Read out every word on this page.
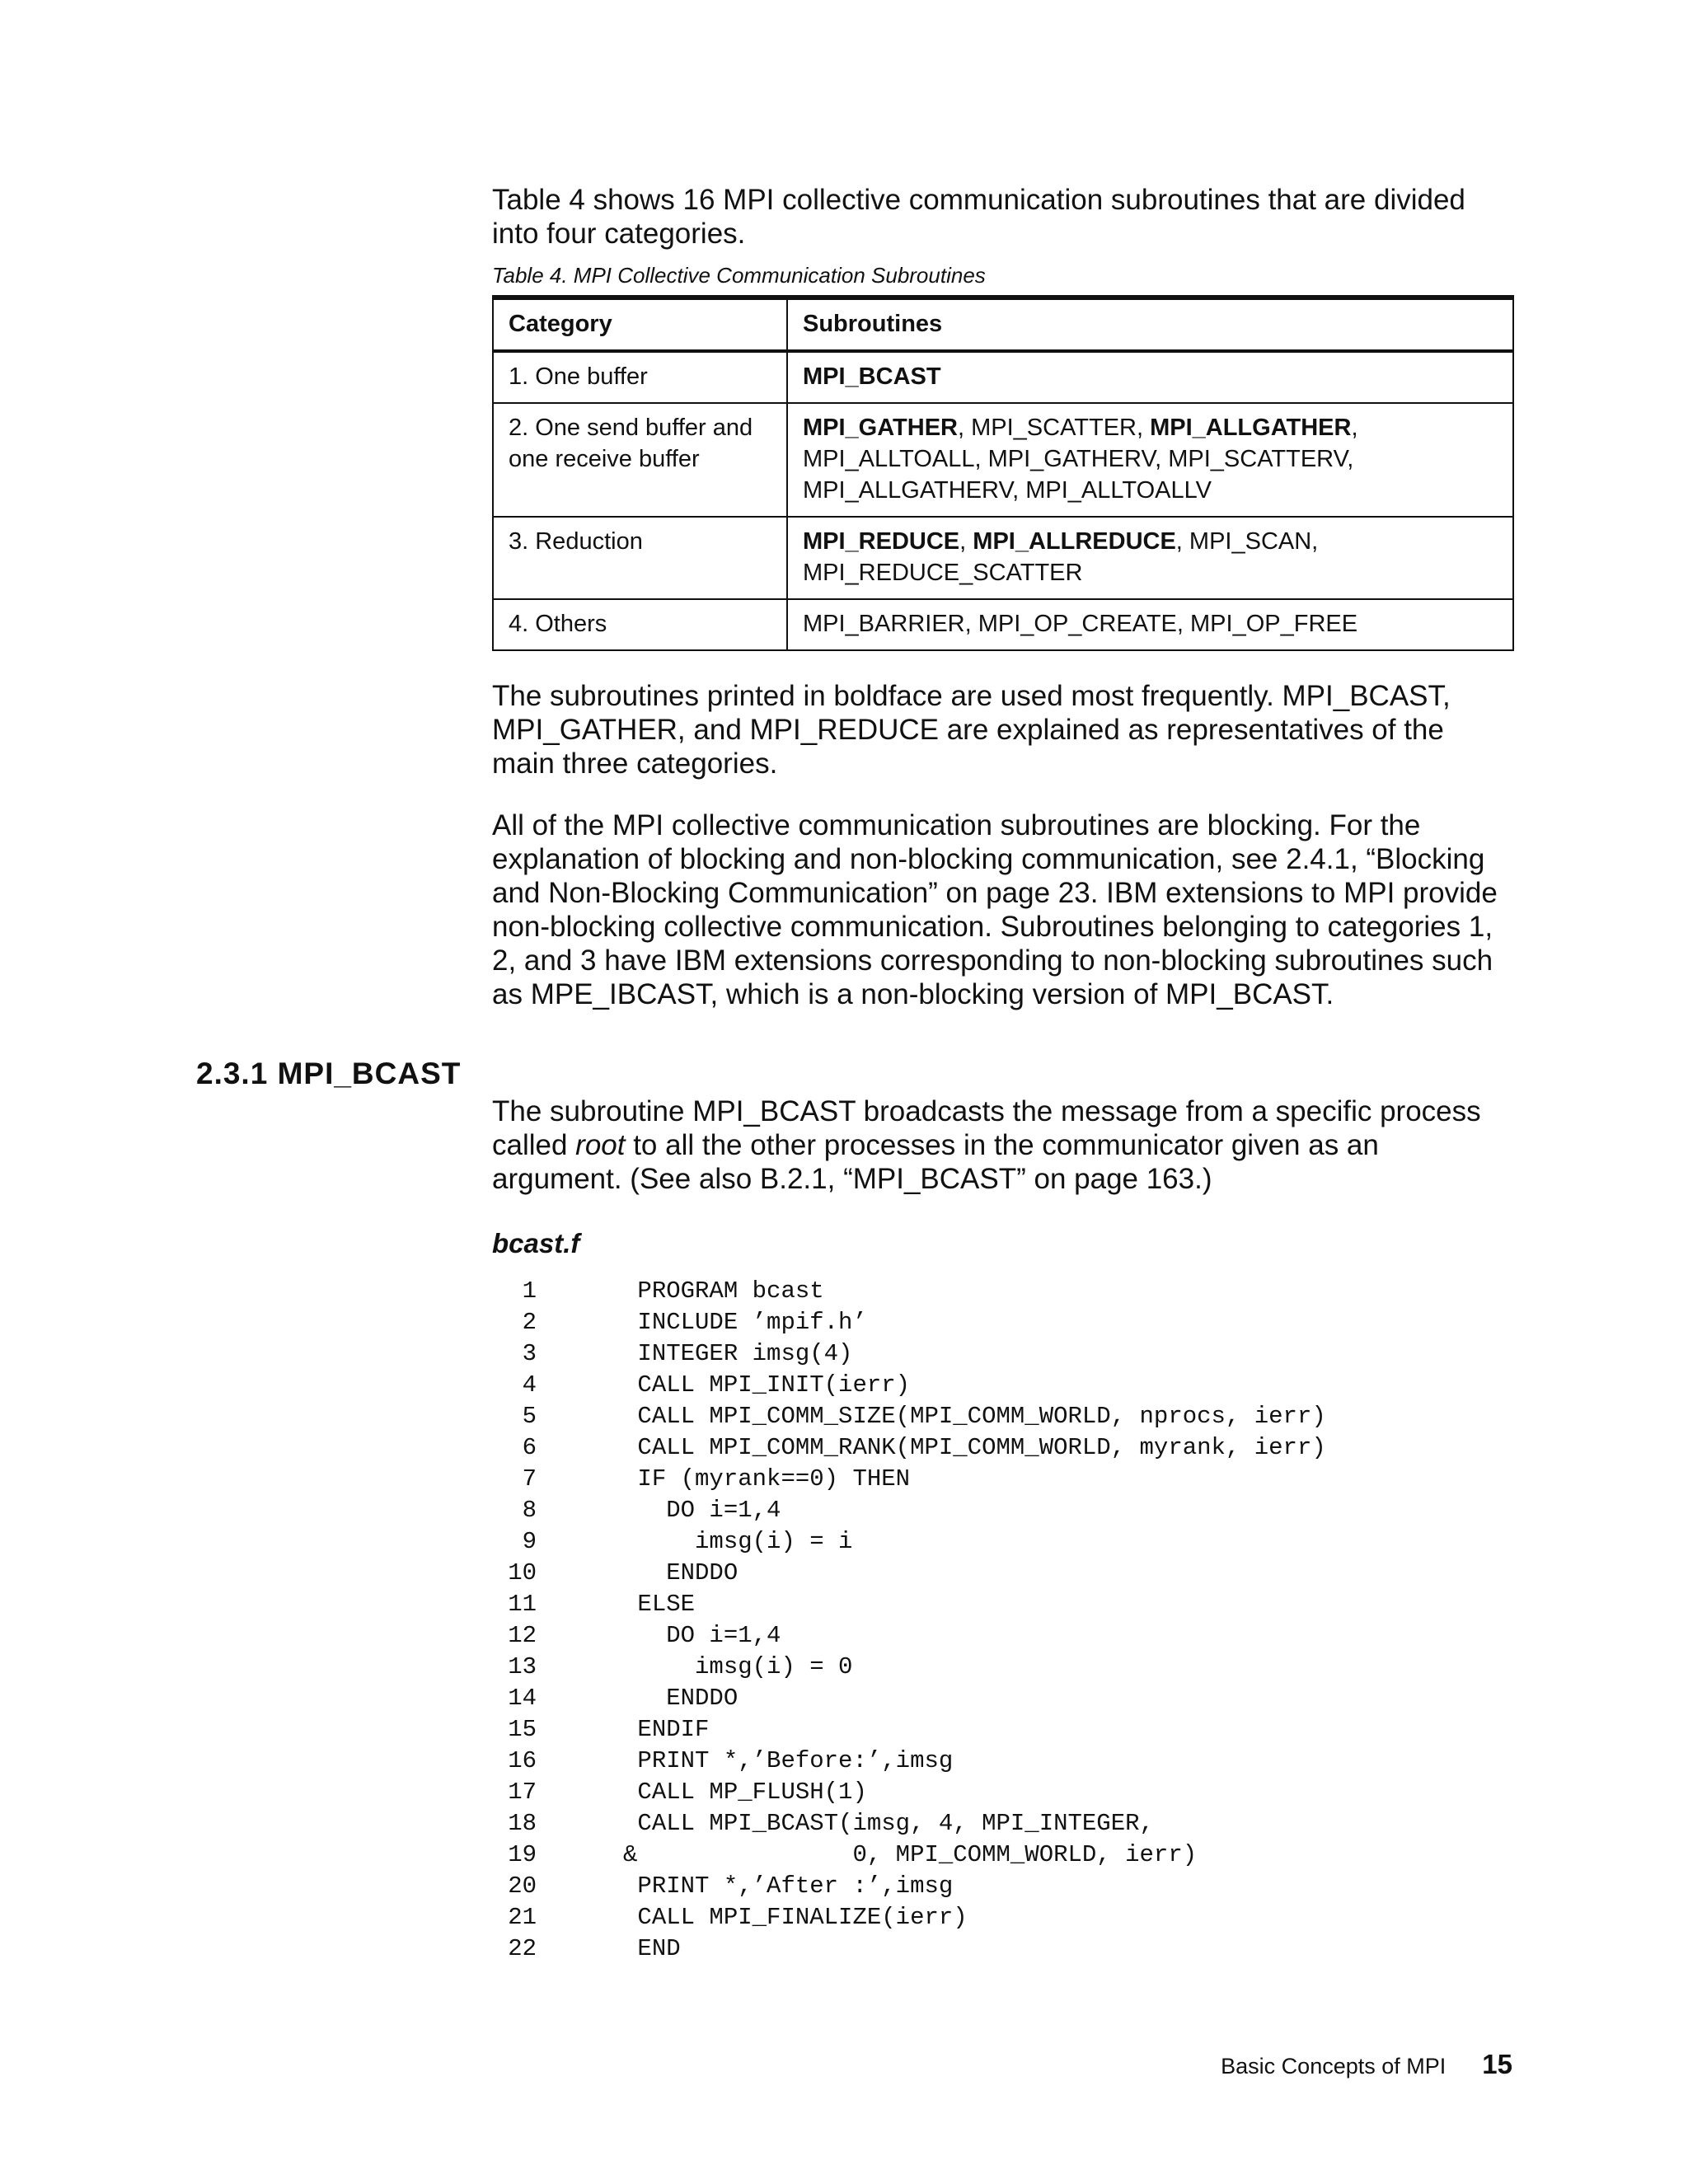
Table 4 shows 16 MPI collective communication subroutines that are divided into four categories.

Table 4. MPI Collective Communication Subroutines

Category	Subroutines
1. One buffer	MPI_BCAST
2. One send buffer and one receive buffer	MPI_GATHER, MPI_SCATTER, MPI_ALLGATHER, MPI_ALLTOALL, MPI_GATHERV, MPI_SCATTERV, MPI_ALLGATHERV, MPI_ALLTOALLV
3. Reduction	MPI_REDUCE, MPI_ALLREDUCE, MPI_SCAN, MPI_REDUCE_SCATTER
4. Others	MPI_BARRIER, MPI_OP_CREATE, MPI_OP_FREE

The subroutines printed in boldface are used most frequently. MPI_BCAST, MPI_GATHER, and MPI_REDUCE are explained as representatives of the main three categories.

All of the MPI collective communication subroutines are blocking. For the explanation of blocking and non-blocking communication, see 2.4.1, “Blocking and Non-Blocking Communication” on page 23. IBM extensions to MPI provide non-blocking collective communication. Subroutines belonging to categories 1, 2, and 3 have IBM extensions corresponding to non-blocking subroutines such as MPE_IBCAST, which is a non-blocking version of MPI_BCAST.

2.3.1 MPI_BCAST

The subroutine MPI_BCAST broadcasts the message from a specific process called root to all the other processes in the communicator given as an argument. (See also B.2.1, “MPI_BCAST” on page 163.)

bcast.f

1 PROGRAM bcast
2 INCLUDE ’mpif.h’
3 INTEGER imsg(4)
4 CALL MPI_INIT(ierr)
5 CALL MPI_COMM_SIZE(MPI_COMM_WORLD, nprocs, ierr)
6 CALL MPI_COMM_RANK(MPI_COMM_WORLD, myrank, ierr)
7 IF (myrank==0) THEN
8 DO i=1,4
9 imsg(i) = i
10 ENDDO
11 ELSE
12 DO i=1,4
13 imsg(i) = 0
14 ENDDO
15 ENDIF
16 PRINT *,’Before:’,imsg
17 CALL MP_FLUSH(1)
18 CALL MPI_BCAST(imsg, 4, MPI_INTEGER,
19 &               0, MPI_COMM_WORLD, ierr)
20 PRINT *,’After :’,imsg
21 CALL MPI_FINALIZE(ierr)
22 END
Basic Concepts of MPI 15
